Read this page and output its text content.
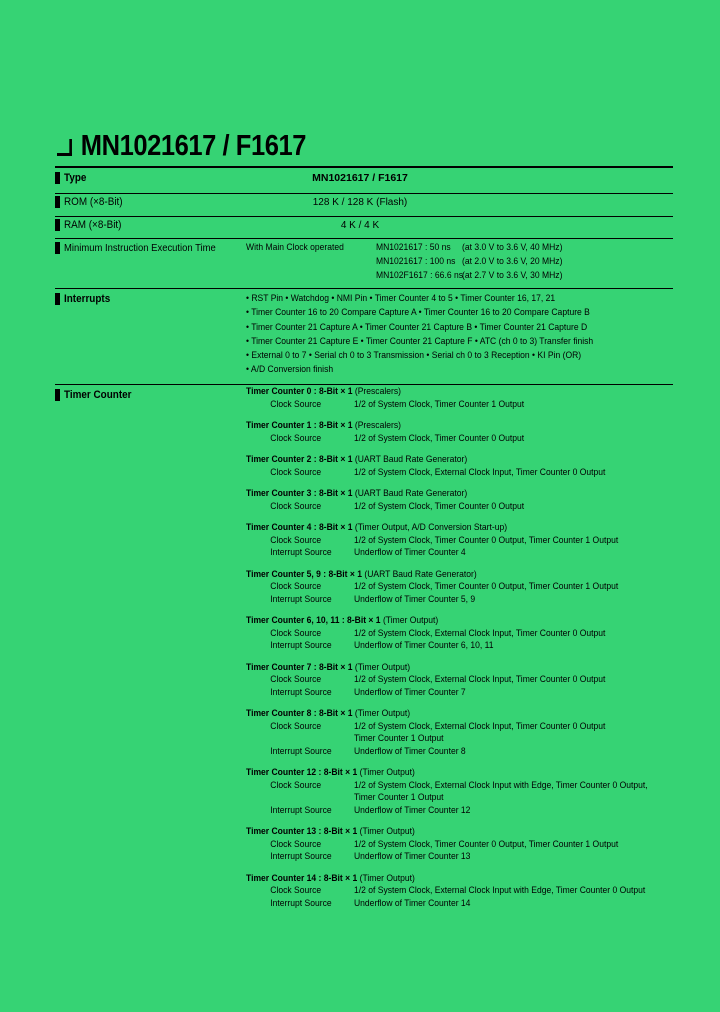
MN1021617 / F1617
Type	MN1021617 / F1617
ROM (×8-Bit)	128 K / 128 K (Flash)
RAM (×8-Bit)	4 K / 4 K
Minimum Instruction Execution Time	With Main Clock operated	MN1021617 : 50 ns (at 3.0 V to 3.6 V, 40 MHz)
MN1021617 : 100 ns (at 2.0 V to 3.6 V, 20 MHz)
MN102F1617 : 66.6 ns (at 2.7 V to 3.6 V, 30 MHz)
Interrupts	• RST Pin • Watchdog • NMI Pin • Timer Counter 4 to 5 • Timer Counter 16, 17, 21
• Timer Counter 16 to 20 Compare Capture A • Timer Counter 16 to 20 Compare Capture B
• Timer Counter 21 Capture A • Timer Counter 21 Capture B • Timer Counter 21 Capture D
• Timer Counter 21 Capture E • Timer Counter 21 Capture F • ATC (ch 0 to 3) Transfer finish
• External 0 to 7 • Serial ch 0 to 3 Transmission • Serial ch 0 to 3 Reception • KI Pin (OR)
• A/D Conversion finish
Timer Counter	Timer Counter 0 : 8-Bit × 1 (Prescalers)
Clock Source	1/2 of System Clock, Timer Counter 1 Output
Timer Counter 1 : 8-Bit × 1 (Prescalers)
Clock Source	1/2 of System Clock, Timer Counter 0 Output
Timer Counter 2 : 8-Bit × 1 (UART Baud Rate Generator)
Clock Source	1/2 of System Clock, External Clock Input, Timer Counter 0 Output
Timer Counter 3 : 8-Bit × 1 (UART Baud Rate Generator)
Clock Source	1/2 of System Clock, Timer Counter 0 Output
Timer Counter 4 : 8-Bit × 1 (Timer Output, A/D Conversion Start-up)
Clock Source	1/2 of System Clock, Timer Counter 0 Output, Timer Counter 1 Output
Interrupt Source Underflow of Timer Counter 4
Timer Counter 5, 9 : 8-Bit × 1 (UART Baud Rate Generator)
Clock Source	1/2 of System Clock, Timer Counter 0 Output, Timer Counter 1 Output
Interrupt Source Underflow of Timer Counter 5, 9
Timer Counter 6, 10, 11 : 8-Bit × 1 (Timer Output)
Clock Source	1/2 of System Clock, External Clock Input, Timer Counter 0 Output
Interrupt Source Underflow of Timer Counter 6, 10, 11
Timer Counter 7 : 8-Bit × 1 (Timer Output)
Clock Source	1/2 of System Clock, External Clock Input, Timer Counter 0 Output
Interrupt Source Underflow of Timer Counter 7
Timer Counter 8 : 8-Bit × 1 (Timer Output)
Clock Source	1/2 of System Clock, External Clock Input, Timer Counter 0 Output
Timer Counter 1 Output
Interrupt Source Underflow of Timer Counter 8
Timer Counter 12 : 8-Bit × 1 (Timer Output)
Clock Source	1/2 of System Clock, External Clock Input with Edge, Timer Counter 0 Output,
Timer Counter 1 Output
Interrupt Source Underflow of Timer Counter 12
Timer Counter 13 : 8-Bit × 1 (Timer Output)
Clock Source	1/2 of System Clock, Timer Counter 0 Output, Timer Counter 1 Output
Interrupt Source Underflow of Timer Counter 13
Timer Counter 14 : 8-Bit × 1 (Timer Output)
Clock Source	1/2 of System Clock, External Clock Input with Edge, Timer Counter 0 Output
Interrupt Source Underflow of Timer Counter 14
